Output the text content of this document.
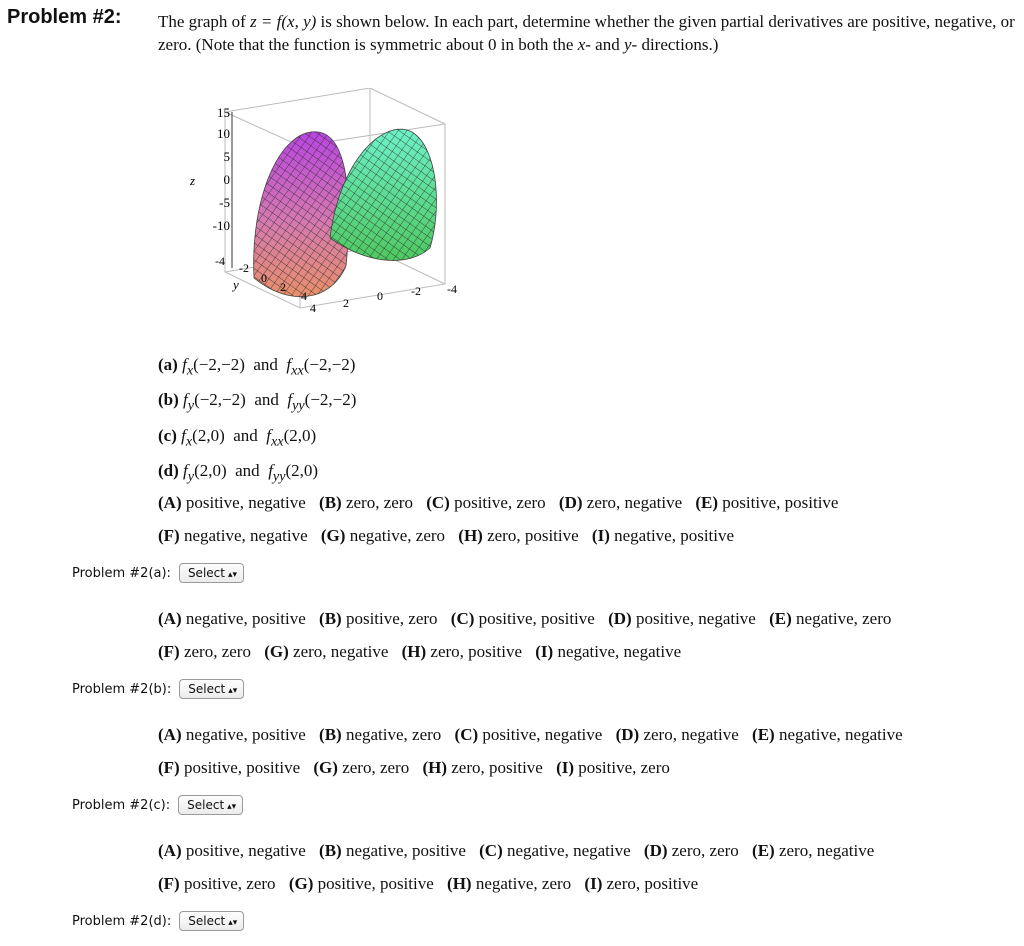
Problem #2: The graph of z = f(x, y) is shown below. In each part, determine whether the given partial derivatives are positive, negative, or zero. (Note that the function is symmetric about 0 in both the x- and y- directions.)
15
10
5
0
-5
-10
z
-4 -2
0
2
4
y
4 2 0 -2 -4
(a) $f_x(-2,-2)$ and $f_{xx}(-2,-2)$
(b) $f_y(-2,-2)$ and $f_{yy}(-2,-2)$
(c) $f_x(2,0)$ and $f_{xx}(2,0)$
(d) $f_y(2,0)$ and $f_{yy}(2,0)$
(A) positive, negative (B) zero, zero (C) positive, zero (D) zero, negative (E) positive, positive
(F) negative, negative (G) negative, zero (H) zero, positive (I) negative, positive
Problem #2(a): Select ▴▾
(A) negative, positive (B) positive, zero (C) positive, positive (D) positive, negative (E) negative, zero
(F) zero, zero (G) zero, negative (H) zero, positive (I) negative, negative
Problem #2(b): Select ▴▾
(A) negative, positive (B) negative, zero (C) positive, negative (D) zero, negative (E) negative, negative
(F) positive, positive (G) zero, zero (H) zero, positive (I) positive, zero
Problem #2(c): Select ▴▾
(A) positive, negative (B) negative, positive (C) negative, negative (D) zero, zero (E) zero, negative
(F) positive, zero (G) positive, positive (H) negative, zero (I) zero, positive
Problem #2(d): Select ▴▾
